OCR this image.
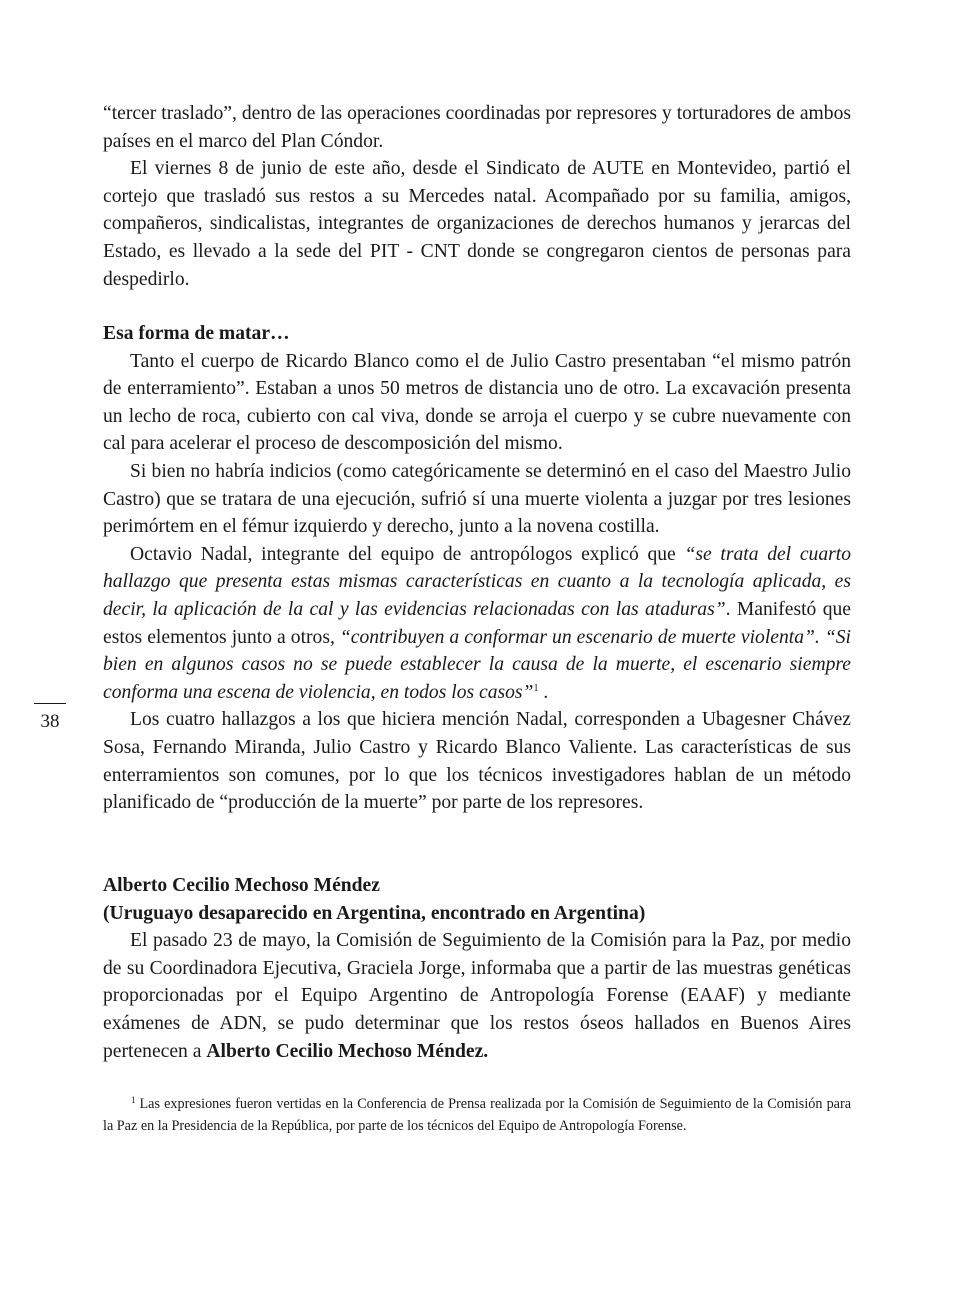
“tercer traslado”, dentro de las operaciones coordinadas por represores y torturadores de ambos países en el marco del Plan Cóndor.

El viernes 8 de junio de este año, desde el Sindicato de AUTE en Montevideo, partió el cortejo que trasladó sus restos a su Mercedes natal. Acompañado por su familia, amigos, compañeros, sindicalistas, integrantes de organizaciones de derechos humanos y jerarcas del Estado, es llevado a la sede del PIT - CNT donde se congregaron cientos de personas para despedirlo.

Esa forma de matar…

Tanto el cuerpo de Ricardo Blanco como el de Julio Castro presentaban “el mismo patrón de enterramiento”. Estaban a unos 50 metros de distancia uno de otro. La excavación presenta un lecho de roca, cubierto con cal viva, donde se arroja el cuerpo y se cubre nuevamente con cal para acelerar el proceso de descomposición del mismo.

Si bien no habría indicios (como categóricamente se determinó en el caso del Maestro Julio Castro) que se tratara de una ejecución, sufrió sí una muerte violenta a juzgar por tres lesiones perimórtem en el fémur izquierdo y derecho, junto a la novena costilla.

Octavio Nadal, integrante del equipo de antropólogos explicó que “se trata del cuarto hallazgo que presenta estas mismas características en cuanto a la tecnología aplicada, es decir, la aplicación de la cal y las evidencias relacionadas con las ataduras”. Manifestó que estos elementos junto a otros, “contribuyen a conformar un escenario de muerte violenta”. “Si bien en algunos casos no se puede establecer la causa de la muerte, el escenario siempre conforma una escena de violencia, en todos los casos”$^1$ .

Los cuatro hallazgos a los que hiciera mención Nadal, corresponden a Ubagesner Chávez Sosa, Fernando Miranda, Julio Castro y Ricardo Blanco Valiente. Las características de sus enterramientos son comunes, por lo que los técnicos investigadores hablan de un método planificado de “producción de la muerte” por parte de los represores.

Alberto Cecilio Mechoso Méndez

(Uruguayo desaparecido en Argentina, encontrado en Argentina)

El pasado 23 de mayo, la Comisión de Seguimiento de la Comisión para la Paz, por medio de su Coordinadora Ejecutiva, Graciela Jorge, informaba que a partir de las muestras genéticas proporcionadas por el Equipo Argentino de Antropología Forense (EAAF) y mediante exámenes de ADN, se pudo determinar que los restos óseos hallados en Buenos Aires pertenecen a Alberto Cecilio Mechoso Méndez.

$^1$ Las expresiones fueron vertidas en la Conferencia de Prensa realizada por la Comisión de Seguimiento de la Comisión para la Paz en la Presidencia de la República, por parte de los técnicos del Equipo de Antropología Forense.
38
